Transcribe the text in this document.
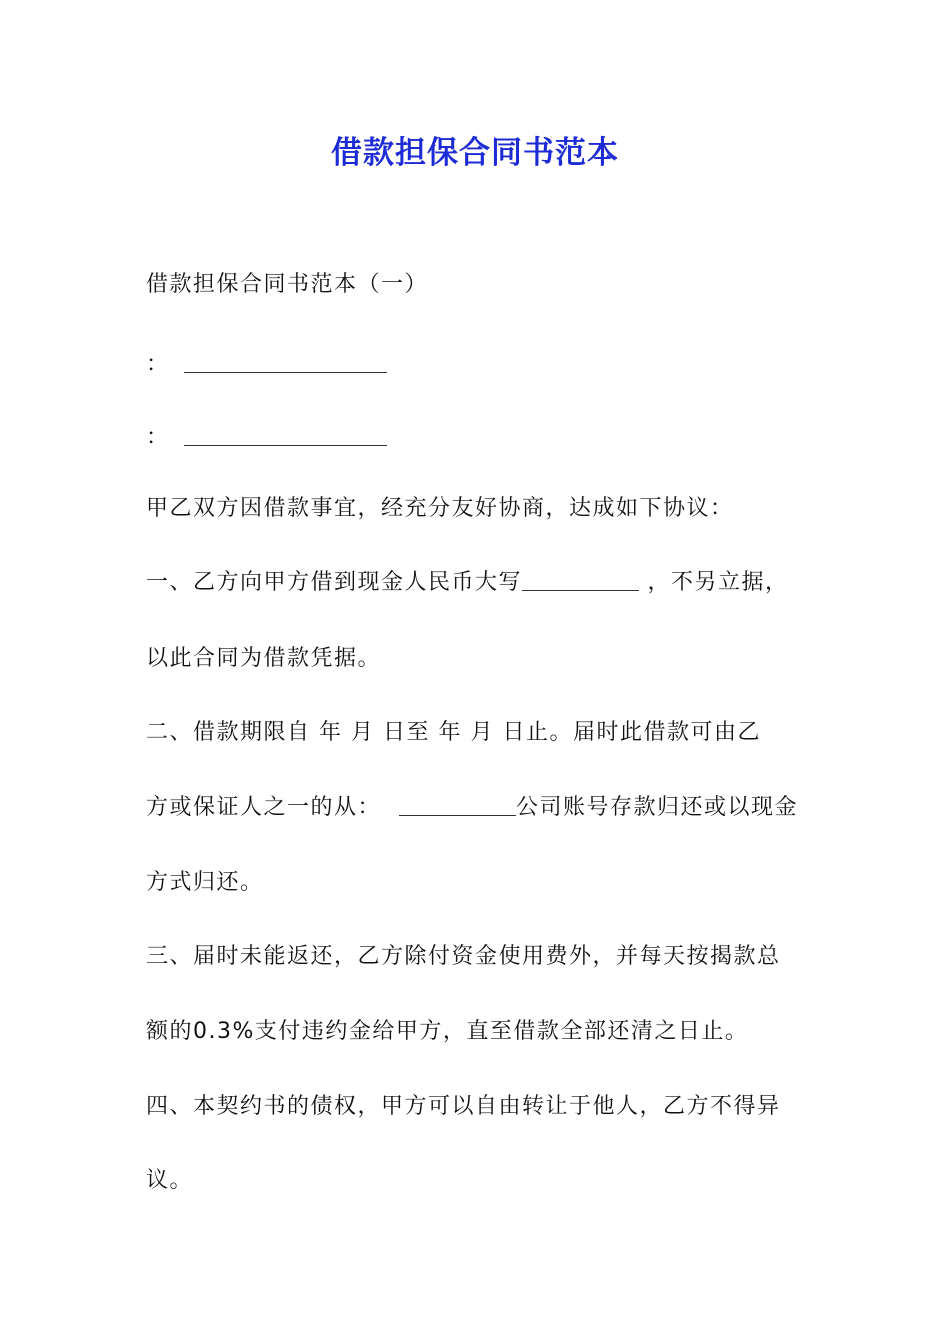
借款担保合同书范本

借款担保合同书范本（一）

：

：

甲乙双方因借款事宜，经充分友好协商，达成如下协议：

一、乙方向甲方借到现金人民币大写	，不另立据，

以此合同为借款凭据。

二、借款期限自 年 月 日至 年 月 日止。届时此借款可由乙

方或保证人之一的从：	公司账号存款归还或以现金

方式归还。

三、届时未能返还，乙方除付资金使用费外，并每天按揭款总

额的0.3%支付违约金给甲方，直至借款全部还清之日止。

四、本契约书的债权，甲方可以自由转让于他人，乙方不得异

议。
